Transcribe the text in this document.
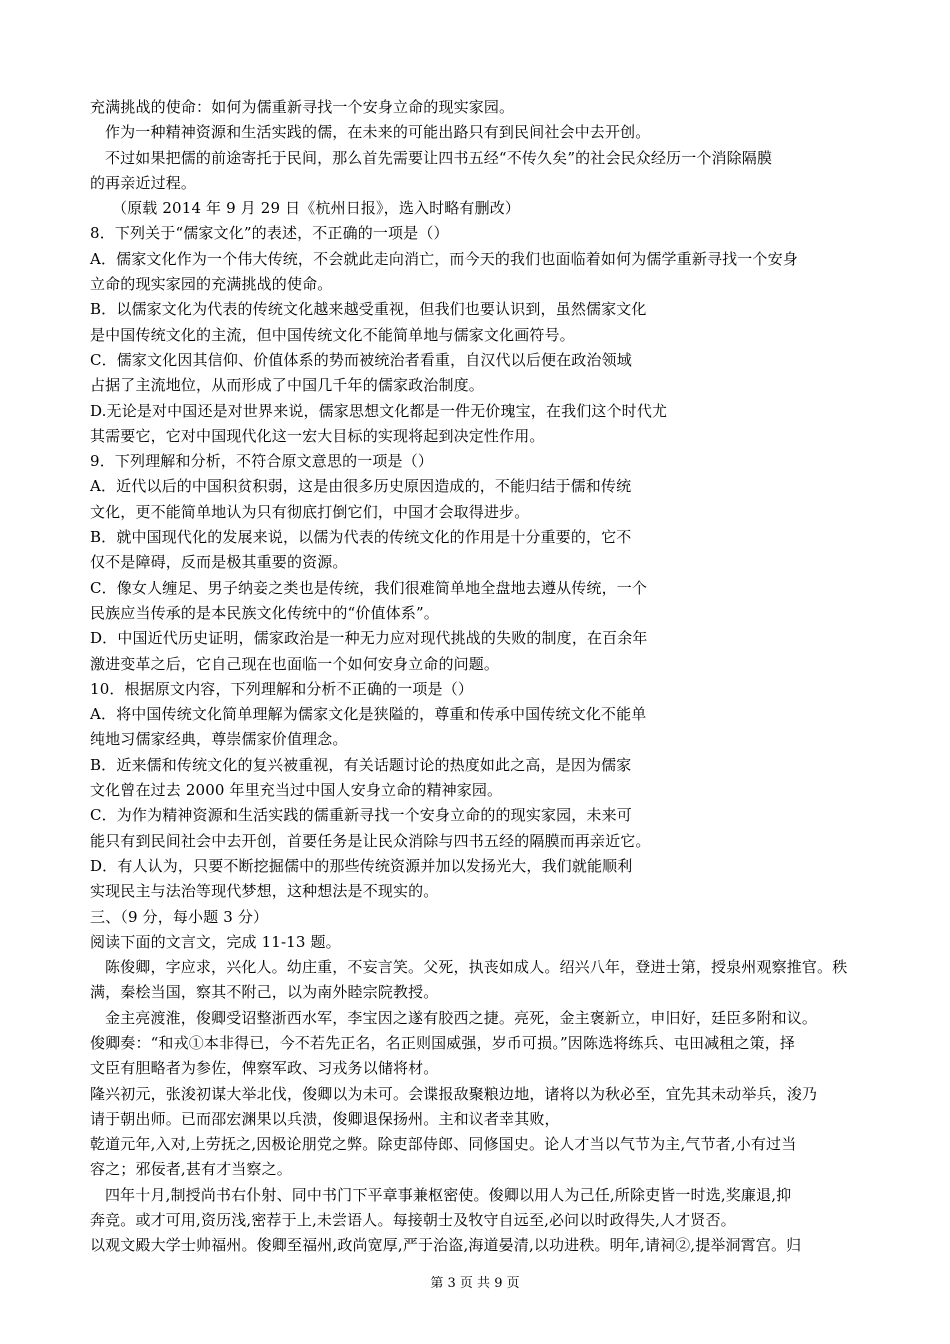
充满挑战的使命：如何为儒重新寻找一个安身立命的现实家园。
作为一种精神资源和生活实践的儒，在未来的可能出路只有到民间社会中去开创。
不过如果把儒的前途寄托于民间，那么首先需要让四书五经“不传久矣”的社会民众经历一个消除隔膜
的再亲近过程。
（原载 2014 年 9 月 29 日《杭州日报》，选入时略有删改）
8．下列关于“儒家文化”的表述，不正确的一项是（）
A．儒家文化作为一个伟大传统，不会就此走向消亡，而今天的我们也面临着如何为儒学重新寻找一个安身
立命的现实家园的充满挑战的使命。
B．以儒家文化为代表的传统文化越来越受重视，但我们也要认识到，虽然儒家文化
是中国传统文化的主流，但中国传统文化不能简单地与儒家文化画符号。
C．儒家文化因其信仰、价值体系的势而被统治者看重，自汉代以后便在政治领域
占据了主流地位，从而形成了中国几千年的儒家政治制度。
D.无论是对中国还是对世界来说，儒家思想文化都是一件无价瑰宝，在我们这个时代尤
其需要它，它对中国现代化这一宏大目标的实现将起到决定性作用。
9．下列理解和分析，不符合原文意思的一项是（）
A．近代以后的中国积贫积弱，这是由很多历史原因造成的，不能归结于儒和传统
文化，更不能简单地认为只有彻底打倒它们，中国才会取得进步。
B．就中国现代化的发展来说，以儒为代表的传统文化的作用是十分重要的，它不
仅不是障碍，反而是极其重要的资源。
C．像女人缠足、男子纳妾之类也是传统，我们很难简单地全盘地去遵从传统，一个
民族应当传承的是本民族文化传统中的“价值体系”。
D．中国近代历史证明，儒家政治是一种无力应对现代挑战的失败的制度，在百余年
激进变革之后，它自己现在也面临一个如何安身立命的问题。
10．根据原文内容，下列理解和分析不正确的一项是（）
A．将中国传统文化简单理解为儒家文化是狭隘的，尊重和传承中国传统文化不能单
纯地习儒家经典，尊崇儒家价值理念。
B．近来儒和传统文化的复兴被重视，有关话题讨论的热度如此之高，是因为儒家
文化曾在过去 2000 年里充当过中国人安身立命的精神家园。
C．为作为精神资源和生活实践的儒重新寻找一个安身立命的的现实家园，未来可
能只有到民间社会中去开创，首要任务是让民众消除与四书五经的隔膜而再亲近它。
D．有人认为，只要不断挖掘儒中的那些传统资源并加以发扬光大，我们就能顺利
实现民主与法治等现代梦想，这种想法是不现实的。
三、（9 分，每小题 3 分）
阅读下面的文言文，完成 11-13 题。
陈俊卿，字应求，兴化人。幼庄重，不妄言笑。父死，执丧如成人。绍兴八年，登进士第，授泉州观察推官。秩
满，秦桧当国，察其不附己，以为南外睦宗院教授。
金主亮渡淮，俊卿受诏整浙西水军，李宝因之遂有胶西之捷。亮死，金主褒新立，申旧好，廷臣多附和议。
俊卿奏：“和戎①本非得已，今不若先正名，名正则国威强，岁币可损。”因陈选将练兵、屯田减租之策，择
文臣有胆略者为参佐，俾察军政、习戎务以储将材。
隆兴初元，张浚初谋大举北伐，俊卿以为未可。会谍报敌聚粮边地，诸将以为秋必至，宜先其未动举兵，浚乃
请于朝出师。已而邵宏渊果以兵溃，俊卿退保扬州。主和议者幸其败，
乾道元年,入对,上劳抚之,因极论朋党之弊。除吏部侍郎、同修国史。论人才当以气节为主,气节者,小有过当
容之；邪佞者,甚有才当察之。
四年十月,制授尚书右仆射、同中书门下平章事兼枢密使。俊卿以用人为己任,所除吏皆一时选,奖廉退,抑
奔竞。或才可用,资历浅,密荐于上,未尝语人。每接朝士及牧守自远至,必问以时政得失,人才贤否。
以观文殿大学士帅福州。俊卿至福州,政尚宽厚,严于治盗,海道晏清,以功进秩。明年,请祠②,提举洞霄宫。归
第 3 页 共 9 页
